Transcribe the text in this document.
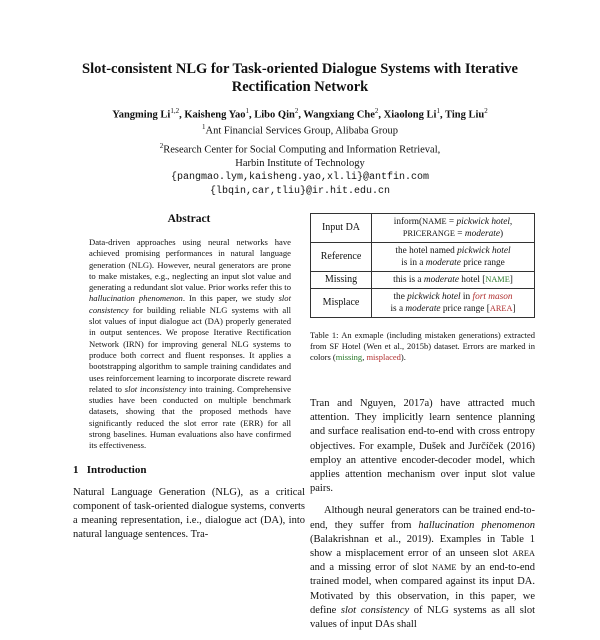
Slot-consistent NLG for Task-oriented Dialogue Systems with Iterative Rectification Network
Yangming Li$^{1,2}$, Kaisheng Yao$^1$, Libo Qin$^2$, Wangxiang Che$^2$, Xiaolong Li$^1$, Ting Liu$^2$
$^1$Ant Financial Services Group, Alibaba Group
$^2$Research Center for Social Computing and Information Retrieval,
Harbin Institute of Technology
{pangmao.lym,kaisheng.yao,xl.li}@antfin.com
{lbqin,car,tliu}@ir.hit.edu.cn
Abstract
Data-driven approaches using neural networks have achieved promising performances in natural language generation (NLG). However, neural generators are prone to make mistakes, e.g., neglecting an input slot value and generating a redundant slot value. Prior works refer this to hallucination phenomenon. In this paper, we study slot consistency for building reliable NLG systems with all slot values of input dialogue act (DA) properly generated in output sentences. We propose Iterative Rectification Network (IRN) for improving general NLG systems to produce both correct and fluent responses. It applies a bootstrapping algorithm to sample training candidates and uses reinforcement learning to incorporate discrete reward related to slot inconsistency into training. Comprehensive studies have been conducted on multiple benchmark datasets, showing that the proposed methods have significantly reduced the slot error rate (ERR) for all strong baselines. Human evaluations also have confirmed its effectiveness.
1 Introduction
Natural Language Generation (NLG), as a critical component of task-oriented dialogue systems, converts a meaning representation, i.e., dialogue act (DA), into natural language sentences. Tra-
Input DA	inform(NAME = pickwick hotel,
PRICERANGE = moderate)
Reference	the hotel named pickwick hotel
is in a moderate price range
Missing	this is a moderate hotel [NAME]
Misplace	the pickwick hotel in fort mason
is a moderate price range [AREA]
Table 1: An exmaple (including mistaken generations) extracted from SF Hotel (Wen et al., 2015b) dataset. Errors are marked in colors (missing, misplaced).

Tran and Nguyen, 2017a) have attracted much attention. They implicitly learn sentence planning and surface realisation end-to-end with cross entropy objectives. For example, Dušek and Jurčíček (2016) employ an attentive encoder-decoder model, which applies attention mechanism over input slot value pairs.

Although neural generators can be trained end-to-end, they suffer from hallucination phenomenon (Balakrishnan et al., 2019). Examples in Table 1 show a misplacement error of an unseen slot AREA and a missing error of slot NAME by an end-to-end trained model, when compared against its input DA. Motivated by this observation, in this paper, we define slot consistency of NLG systems as all slot values of input DAs shall
